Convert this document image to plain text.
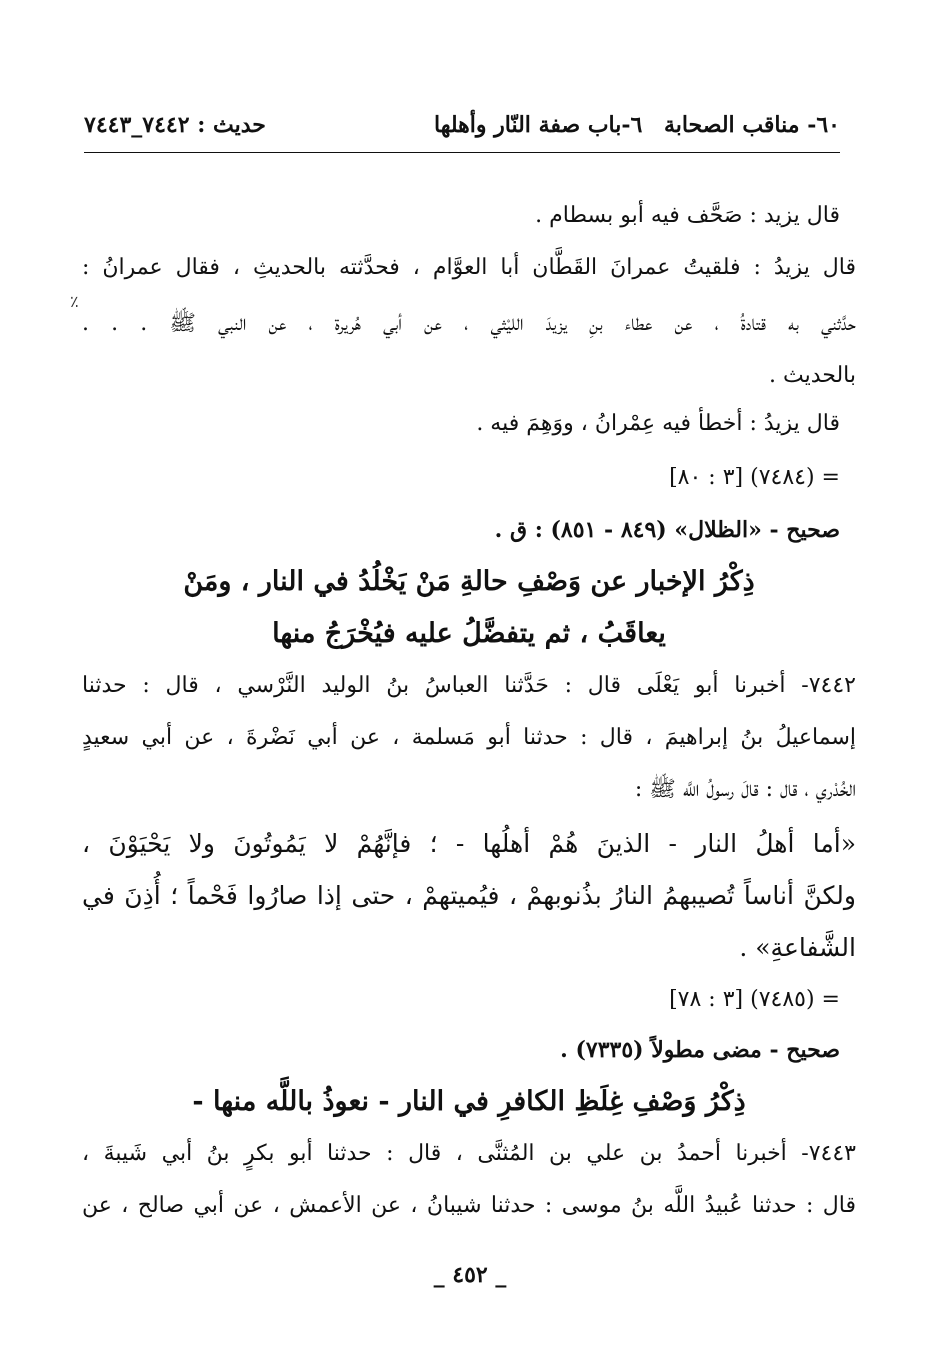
٦٠- مناقب الصحابة
٦-باب صفة النّار وأهلها
حديث : ٧٤٤٢_٧٤٤٣
٪
قال يزيد : صَحَّف فيه أبو بسطام .
قال يزيدُ : فلقيتُ عمرانَ القَطَّان أبا العوَّام ، فحدَّثته بالحديثِ ، فقال عمرانُ :
حدَّثني به قتادةُ ، عن عطاء بنِ يزيدَ الليْثي ، عن أبي هُريرة ، عن النبي ﷺ . . .
بالحديث .
قال يزيدُ : أخطأ فيه عِمْرانُ ، ووَهِمَ فيه .
= (٧٤٨٤) [٣ : ٨٠]
صحيح - «الظلال» (٨٤٩ - ٨٥١) : ق .
ذِكْرُ الإخبار عن وَصْفِ حالةِ مَنْ يَخْلُدُ في النار ، ومَنْ
يعاقَبُ ، ثم يتفضَّلُ عليه فيُخْرَجُ منها
٧٤٤٢- أخبرنا أبو يَعْلَى قال : حَدَّثنا العباسُ بنُ الوليد النَّرْسي ، قال : حدثنا
إسماعيلُ بنُ إبراهيمَ ، قال : حدثنا أبو مَسلمة ، عن أبي نَضْرةَ ، عن أبي سعيدٍ
الخُدْري ، قال : قالَ رسولُ اللَّه ﷺ :
«أما أهلُ النار - الذينَ هُمْ أهلُها - ؛ فإنَّهُمْ لا يَمُوتُونَ ولا يَحْيَوْنَ ،
ولكنَّ أناساً تُصيبهمُ النارُ بذُنوبهمْ ، فيُميتهمْ ، حتى إذا صارُوا فَحْماً ؛ أُذِنَ في
الشَّفاعةِ» .
= (٧٤٨٥) [٣ : ٧٨]
صحيح - مضى مطولاً (٧٣٣٥) .
ذِكْرُ وَصْفِ غِلَظِ الكافرِ في النار - نعوذُ باللَّه منها -
٧٤٤٣- أخبرنا أحمدُ بن علي بن المُثنَّى ، قال : حدثنا أبو بكرٍ بنُ أبي شَيبةَ ،
قال : حدثنا عُبيدُ اللَّه بنُ موسى : حدثنا شيبانُ ، عن الأعمش ، عن أبي صالح ، عن
_ ٤٥٢ _
